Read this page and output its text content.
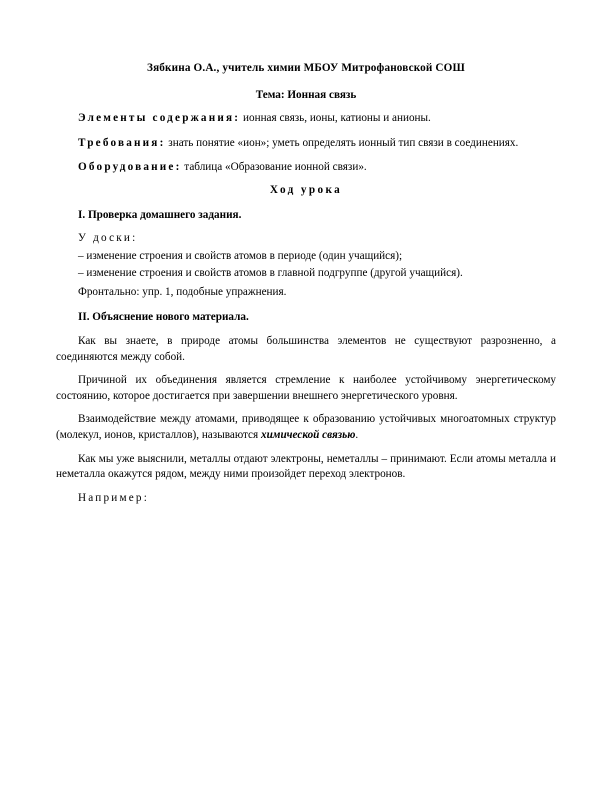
Зябкина О.А., учитель химии МБОУ Митрофановской СОШ

Тема: Ионная связь

Элементы содержания: ионная связь, ионы, катионы и анионы.

Требования: знать понятие «ион»; уметь определять ионный тип связи в соединениях.

Оборудование: таблица «Образование ионной связи».

Ход урока

I. Проверка домашнего задания.

У доски:

– изменение строения и свойств атомов в периоде (один учащийся);

– изменение строения и свойств атомов в главной подгруппе (другой учащийся).

Фронтально: упр. 1, подобные упражнения.

II. Объяснение нового материала.

Как вы знаете, в природе атомы большинства элементов не существуют разрозненно, а соединяются между собой.

Причиной их объединения является стремление к наиболее устойчивому энергетическому состоянию, которое достигается при завершении внешнего энергетического уровня.

Взаимодействие между атомами, приводящее к образованию устойчивых многоатомных структур (молекул, ионов, кристаллов), называются химической связью.

Как мы уже выяснили, металлы отдают электроны, неметаллы – принимают. Если атомы металла и неметалла окажутся рядом, между ними произойдет переход электронов.

Например:
